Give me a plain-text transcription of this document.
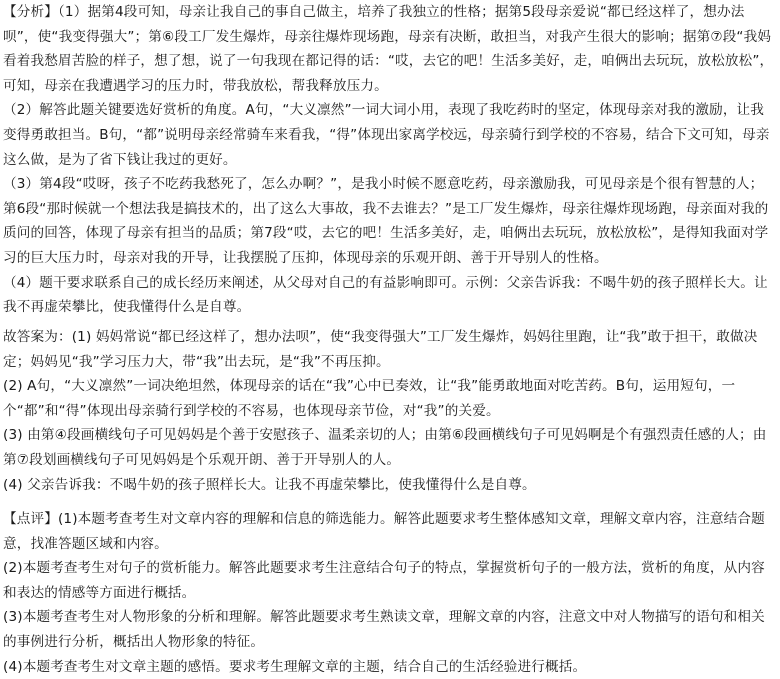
【分析】（1）据第4段可知，母亲让我自己的事自己做主，培养了我独立的性格；据第5段母亲爱说“都已经这样了，想办法呗”，使“我变得强大”；第⑥段工厂发生爆炸，母亲往爆炸现场跑，母亲有决断，敢担当，对我产生很大的影响；据第⑦段“我妈看着我愁眉苦脸的样子，想了想，说了一句我现在都记得的话：“哎，去它的吧！生活多美好，走，咱俩出去玩玩，放松放松”，可知，母亲在我遭遇学习的压力时，带我放松，帮我释放压力。

（2）解答此题关键要选好赏析的角度。A句，“大义凛然”一词大词小用，表现了我吃药时的坚定，体现母亲对我的激励，让我变得勇敢担当。B句，“都”说明母亲经常骑车来看我，“得”体现出家离学校远，母亲骑行到学校的不容易，结合下文可知，母亲这么做，是为了省下钱让我过的更好。

（3）第4段“哎呀，孩子不吃药我愁死了，怎么办啊？”，是我小时候不愿意吃药，母亲激励我，可见母亲是个很有智慧的人；第6段“那时候就一个想法我是搞技术的，出了这么大事故，我不去谁去？”是工厂发生爆炸，母亲往爆炸现场跑，母亲面对我的质问的回答，体现了母亲有担当的品质；第7段“哎，去它的吧！生活多美好，走，咱俩出去玩玩，放松放松”，是得知我面对学习的巨大压力时，母亲对我的开导，让我摆脱了压抑，体现母亲的乐观开朗、善于开导别人的性格。

（4）题干要求联系自己的成长经历来阐述，从父母对自己的有益影响即可。示例：父亲告诉我：不喝牛奶的孩子照样长大。让我不再虚荣攀比，使我懂得什么是自尊。

故答案为：(1) 妈妈常说“都已经这样了，想办法呗”，使“我变得强大”工厂发生爆炸，妈妈往里跑，让“我”敢于担干，敢做决定；妈妈见“我”学习压力大，带“我”出去玩，是“我”不再压抑。

(2) A句，“大义凛然”一词决绝坦然，体现母亲的话在“我”心中已奏效，让“我”能勇敢地面对吃苦药。B句，运用短句，一个“都”和“得”体现出母亲骑行到学校的不容易，也体现母亲节俭，对“我”的关爱。

(3) 由第④段画横线句子可见妈妈是个善于安慰孩子、温柔亲切的人；由第⑥段画横线句子可见妈啊是个有强烈责任感的人；由第⑦段划画横线句子可见妈妈是个乐观开朗、善于开导别人的人。

(4) 父亲告诉我：不喝牛奶的孩子照样长大。让我不再虚荣攀比，使我懂得什么是自尊。

【点评】(1)本题考查考生对文章内容的理解和信息的筛选能力。解答此题要求考生整体感知文章，理解文章内容，注意结合题意，找准答题区域和内容。

(2)本题考查考生对句子的赏析能力。解答此题要求考生注意结合句子的特点，掌握赏析句子的一般方法，赏析的角度，从内容和表达的情感等方面进行概括。

(3)本题考查考生对人物形象的分析和理解。解答此题要求考生熟读文章，理解文章的内容，注意文中对人物描写的语句和相关的事例进行分析，概括出人物形象的特征。

(4)本题考查考生对文章主题的感悟。要求考生理解文章的主题，结合自己的生活经验进行概括。
